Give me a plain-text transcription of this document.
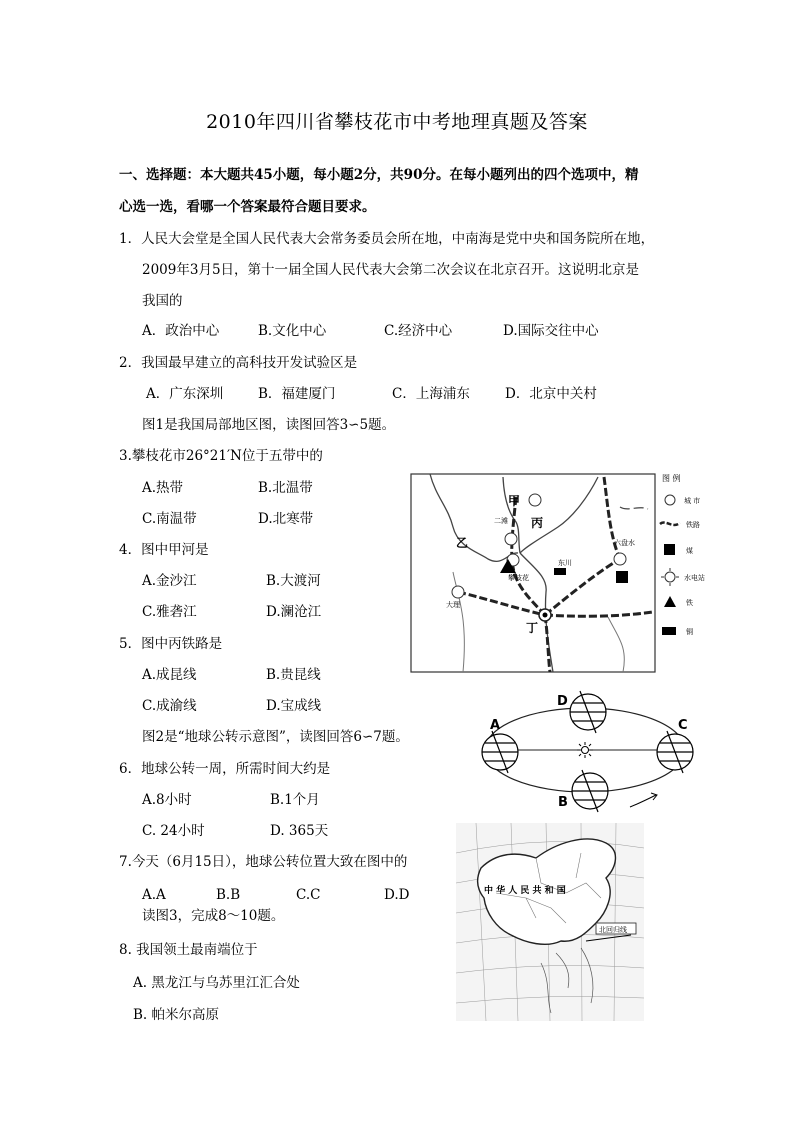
2010年四川省攀枝花市中考地理真题及答案
一、选择题：本大题共45小题，每小题2分，共90分。在每小题列出的四个选项中，精
心选一选，看哪一个答案最符合题目要求。
1．人民大会堂是全国人民代表大会常务委员会所在地，中南海是党中央和国务院所在地，
2009年3月5日，第十一届全国人民代表大会第二次会议在北京召开。这说明北京是
我国的
A．政治中心	B.文化中心	C.经济中心	D.国际交往中心
2．我国最早建立的高科技开发试验区是
A．广东深圳	B．福建厦门	C．上海浦东	D．北京中关村
图1是我国局部地区图，读图回答3∽5题。
3.攀枝花市26°21′N位于五带中的
A.热带	B.北温带
C.南温带	D.北寒带
4．图中甲河是
A.金沙江	B.大渡河
C.雅砻江	D.澜沧江
5．图中丙铁路是
A.成昆线	B.贵昆线
C.成渝线	D.宝成线
图2是“地球公转示意图”，读图回答6∽7题。
6．地球公转一周，所需时间大约是
A.8小时	B.1个月
C. 24小时	D. 365天
7.今天（6月15日），地球公转位置大致在图中的
A.A	B.B	C.C	D.D
读图3，完成8～10题。
8. 我国领土最南端位于
A. 黑龙江与乌苏里江汇合处
B. 帕米尔高原
甲
丙
乙
丁
二滩
攀枝花
东川
六盘水
大理
图 例
城 市
铁路
煤
水电站
铁
铜
A
B
C
D
北回归线
中 华 人 民 共 和 国
